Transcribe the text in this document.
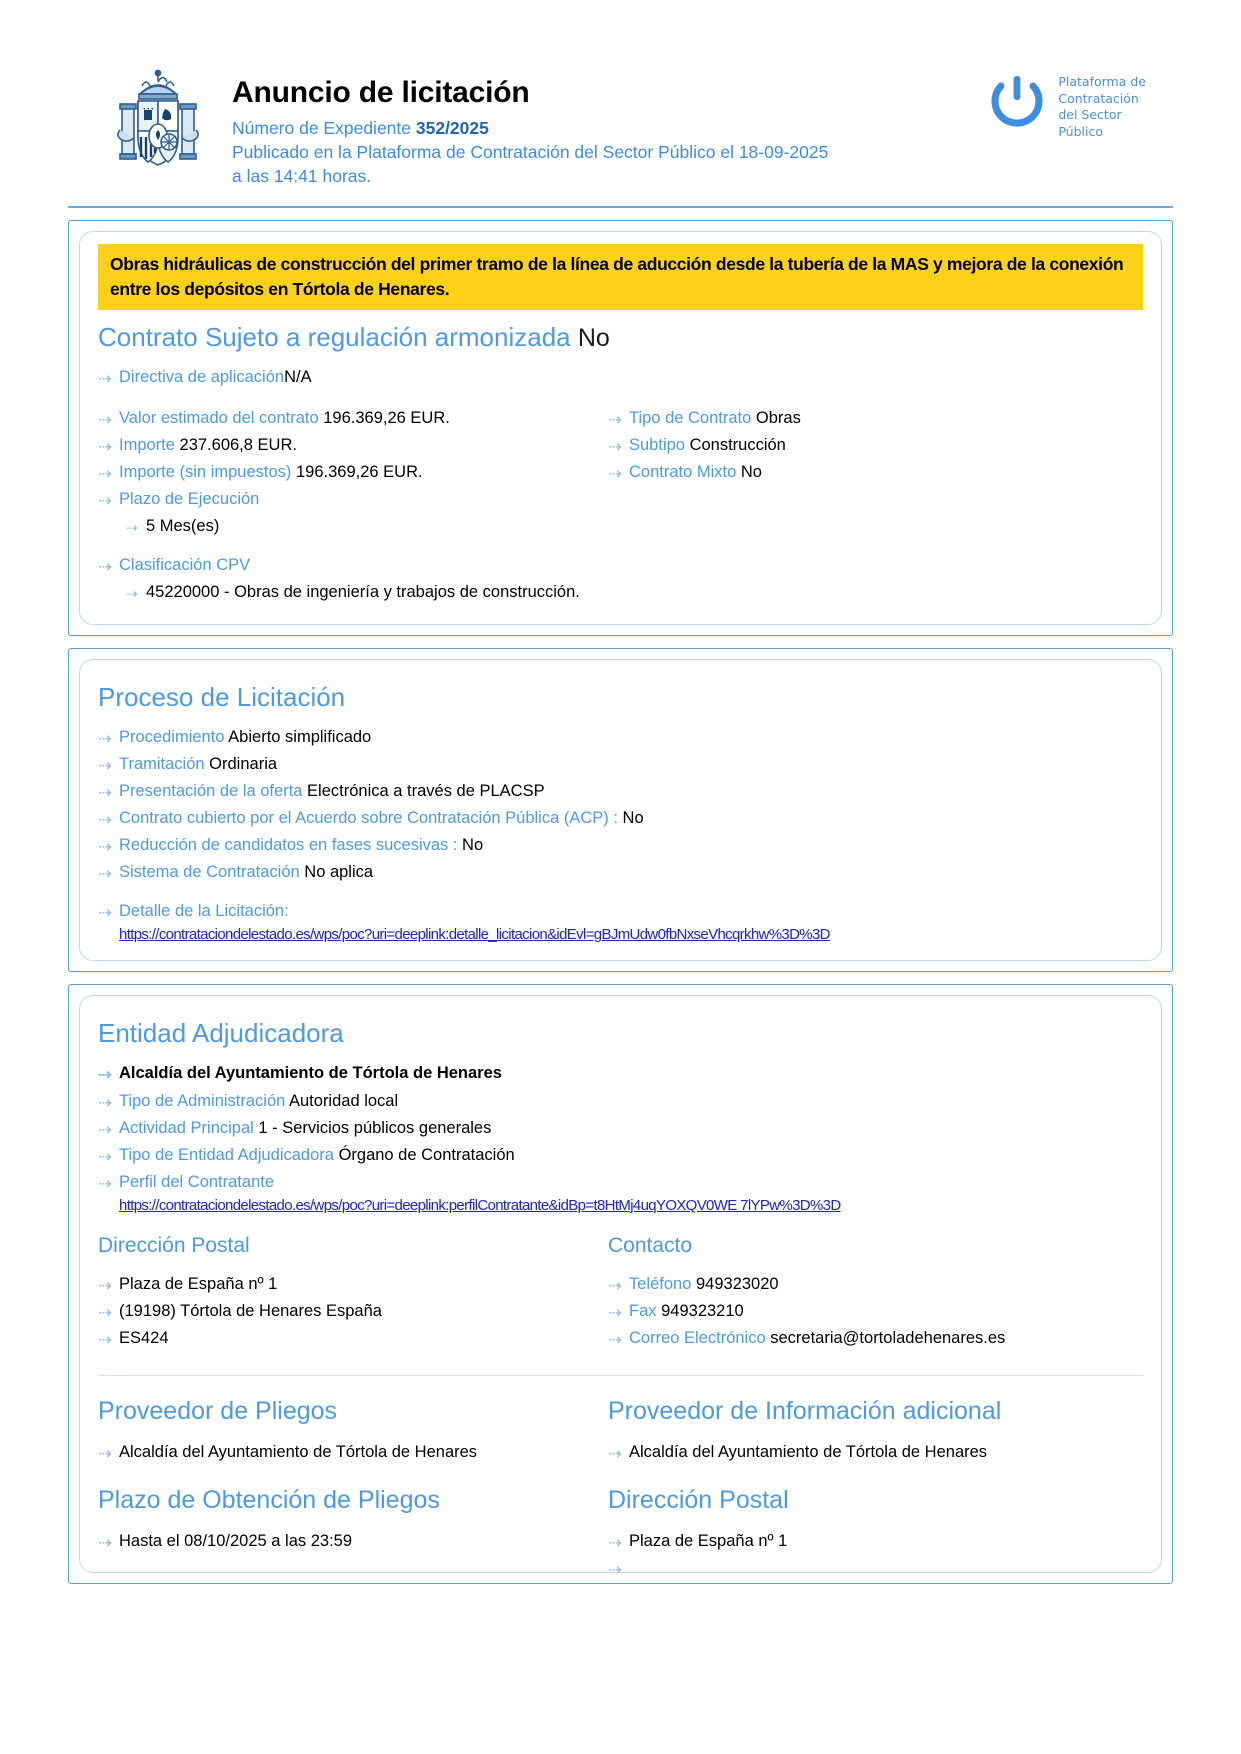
Anuncio de licitación
Número de Expediente 352/2025
Publicado en la Plataforma de Contratación del Sector Público el 18-09-2025
a las 14:41 horas.
Plataforma de
Contratación
del Sector
Público
Obras hidráulicas de construcción del primer tramo de la línea de aducción desde la tubería de la MAS y mejora de la conexión entre los depósitos en Tórtola de Henares.
Contrato Sujeto a regulación armonizada No
⇢ Directiva de aplicaciónN/A
⇢ Valor estimado del contrato 196.369,26 EUR.
⇢ Importe 237.606,8 EUR.
⇢ Importe (sin impuestos) 196.369,26 EUR.
⇢ Plazo de Ejecución
⇢ 5 Mes(es)
⇢ Clasificación CPV
⇢ 45220000 - Obras de ingeniería y trabajos de construcción.
⇢ Tipo de Contrato Obras
⇢ Subtipo Construcción
⇢ Contrato Mixto No
Proceso de Licitación
⇢ Procedimiento Abierto simplificado
⇢ Tramitación Ordinaria
⇢ Presentación de la oferta Electrónica a través de PLACSP
⇢ Contrato cubierto por el Acuerdo sobre Contratación Pública (ACP) : No
⇢ Reducción de candidatos en fases sucesivas : No
⇢ Sistema de Contratación No aplica
⇢ Detalle de la Licitación:
https://contrataciondelestado.es/wps/poc?uri=deeplink:detalle_licitacion&idEvl=gBJmUdw0fbNxseVhcqrkhw%3D%3D
Entidad Adjudicadora
⇢ Alcaldía del Ayuntamiento de Tórtola de Henares
⇢ Tipo de Administración Autoridad local
⇢ Actividad Principal 1 - Servicios públicos generales
⇢ Tipo de Entidad Adjudicadora Órgano de Contratación
⇢ Perfil del Contratante
https://contrataciondelestado.es/wps/poc?uri=deeplink:perfilContratante&idBp=t8HtMj4uqYOXQV0WE 7lYPw%3D%3D
Dirección Postal
⇢ Plaza de España nº 1
⇢ (19198) Tórtola de Henares España
⇢ ES424
Contacto
⇢ Teléfono 949323020
⇢ Fax 949323210
⇢ Correo Electrónico secretaria@tortoladehenares.es
Proveedor de Pliegos
⇢ Alcaldía del Ayuntamiento de Tórtola de Henares
Plazo de Obtención de Pliegos
⇢ Hasta el 08/10/2025 a las 23:59
Proveedor de Información adicional
⇢ Alcaldía del Ayuntamiento de Tórtola de Henares
Dirección Postal
⇢ Plaza de España nº 1
⇢
